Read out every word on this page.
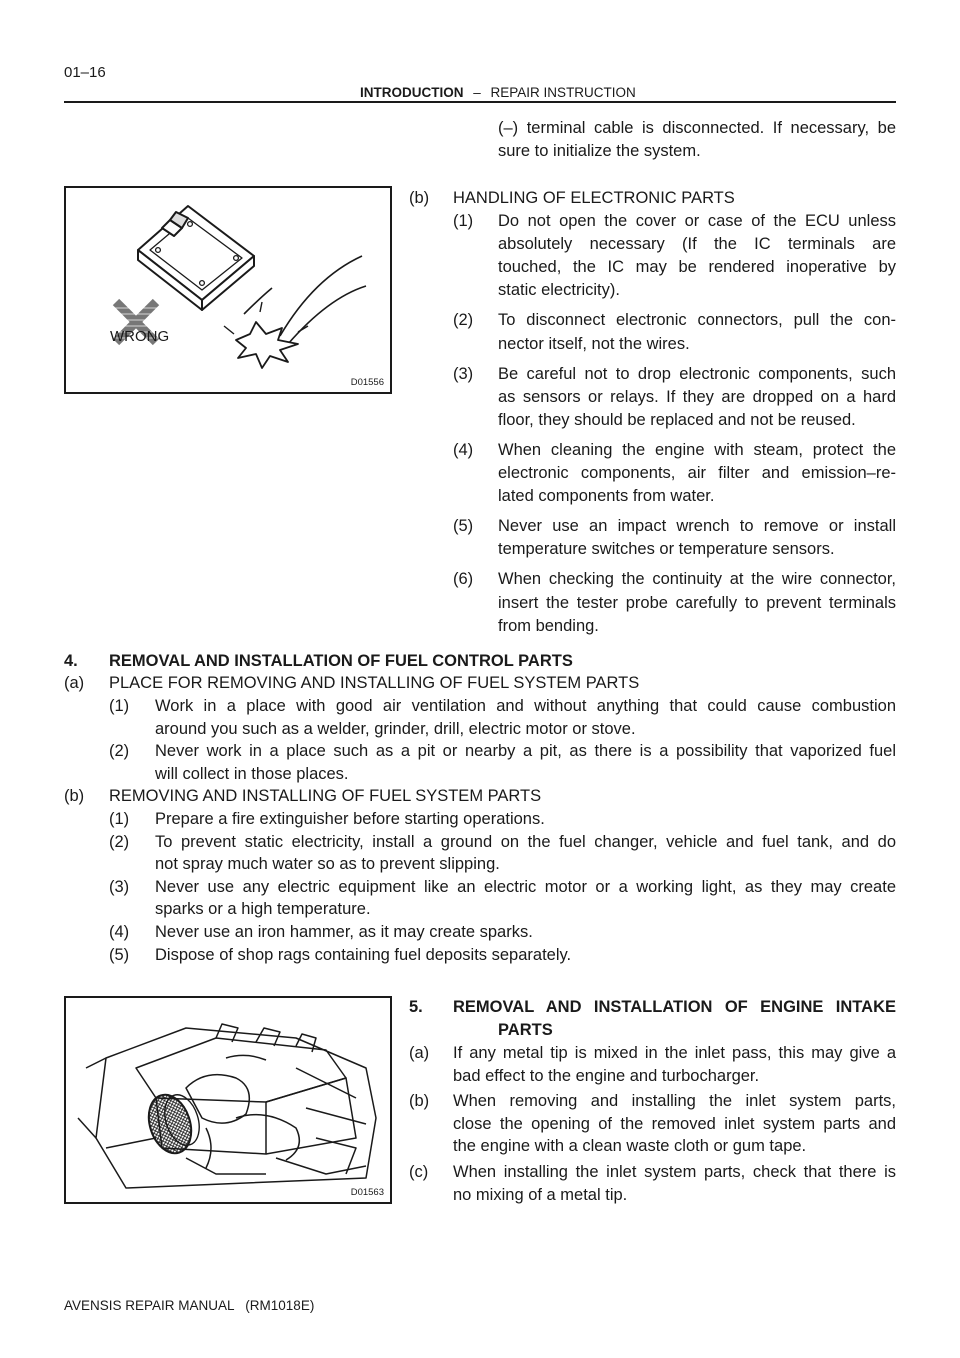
01–16
INTRODUCTION – REPAIR INSTRUCTION
WRONG
D01556
(–) terminal cable is disconnected. If necessary, be
sure to initialize the system.
(b) HANDLING OF ELECTRONIC PARTS
(1) Do not open the cover or case of the ECU unless
absolutely necessary (If the IC terminals are
touched, the IC may be rendered inoperative by
static electricity).
(2) To disconnect electronic connectors, pull the con-
nector itself, not the wires.
(3) Be careful not to drop electronic components, such
as sensors or relays. If they are dropped on a hard
floor, they should be replaced and not be reused.
(4) When cleaning the engine with steam, protect the
electronic components, air filter and emission–re-
lated components from water.
(5) Never use an impact wrench to remove or install
temperature switches or temperature sensors.
(6) When checking the continuity at the wire connector,
insert the tester probe carefully to prevent terminals
from bending.
4. REMOVAL AND INSTALLATION OF FUEL CONTROL PARTS
(a) PLACE FOR REMOVING AND INSTALLING OF FUEL SYSTEM PARTS
(1) Work in a place with good air ventilation and without anything that could cause combustion
around you such as a welder, grinder, drill, electric motor or stove.
(2) Never work in a place such as a pit or nearby a pit, as there is a possibility that vaporized fuel
will collect in those places.
(b) REMOVING AND INSTALLING OF FUEL SYSTEM PARTS
(1) Prepare a fire extinguisher before starting operations.
(2) To prevent static electricity, install a ground on the fuel changer, vehicle and fuel tank, and do
not spray much water so as to prevent slipping.
(3) Never use any electric equipment like an electric motor or a working light, as they may create
sparks or a high temperature.
(4) Never use an iron hammer, as it may create sparks.
(5) Dispose of shop rags containing fuel deposits separately.
D01563
5. REMOVAL AND INSTALLATION OF ENGINE INTAKE
PARTS
(a) If any metal tip is mixed in the inlet pass, this may give a
bad effect to the engine and turbocharger.
(b) When removing and installing the inlet system parts,
close the opening of the removed inlet system parts and
the engine with a clean waste cloth or gum tape.
(c) When installing the inlet system parts, check that there is
no mixing of a metal tip.
AVENSIS REPAIR MANUAL   (RM1018E)
